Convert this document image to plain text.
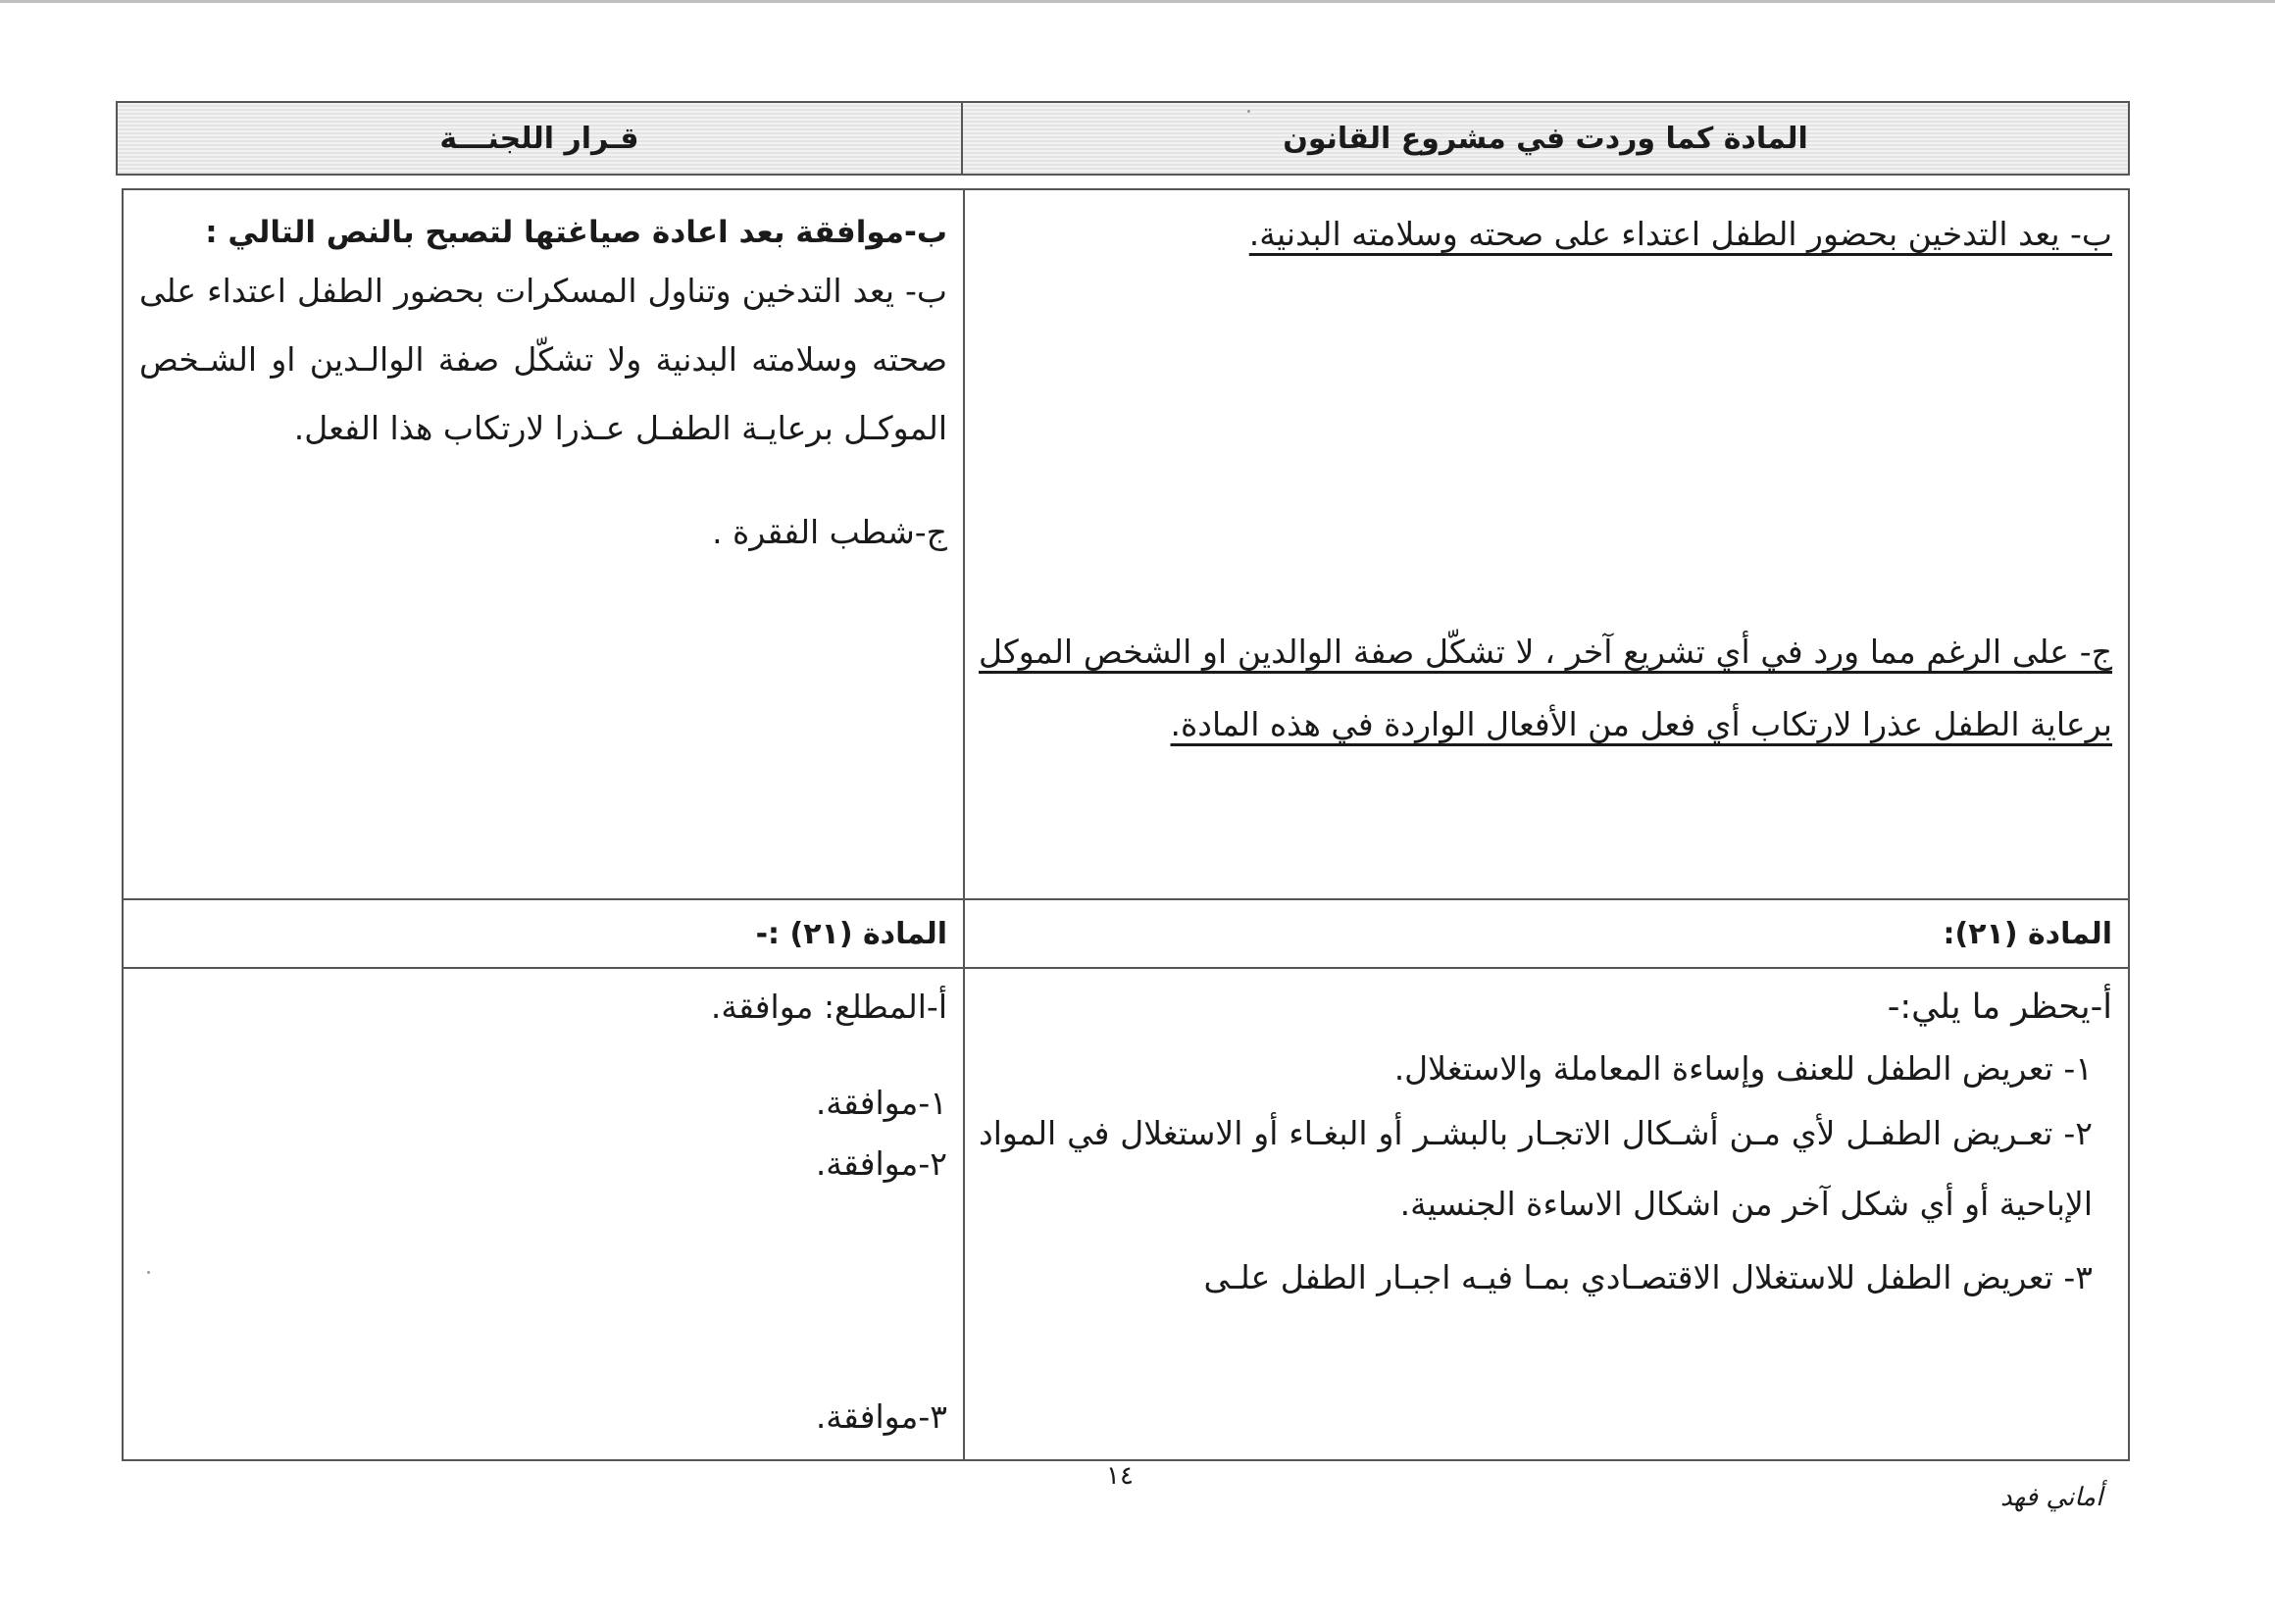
قـرار اللجنـــة	المادة كما وردت في مشروع القانون

ب-موافقة بعد اعادة صياغتها لتصبح بالنص التالي :

ب- يعد التدخين وتناول المسكرات بحضور الطفل اعتداء على صحته وسلامته البدنية ولا تشكّل صفة الوالـدين او الشـخص الموكـل برعايـة الطفـل عـذرا لارتكاب هذا الفعل.

ج-شطب الفقرة .

ب- يعد التدخين بحضور الطفل اعتداء على صحته وسلامته البدنية.

ج- على الرغم مما ورد في أي تشريع آخر ، لا تشكّل صفة الوالدين او الشخص الموكل برعاية الطفل عذرا لارتكاب أي فعل من الأفعال الواردة في هذه المادة.

المادة (٢١) :-	المادة (٢١):

أ-المطلع: موافقة.

١-موافقة.

٢-موافقة.

٣-موافقة.

أ-يحظر ما يلي:-

١- تعريض الطفل للعنف وإساءة المعاملة والاستغلال.

٢- تعـريض الطفـل لأي مـن أشـكال الاتجـار بالبشـر أو البغـاء أو الاستغلال في المواد الإباحية أو أي شكل آخر من اشكال الاساءة الجنسية.

٣- تعريض الطفل للاستغلال الاقتصـادي بمـا فيـه اجبـار الطفل علـى

١٤
أماني فهد
